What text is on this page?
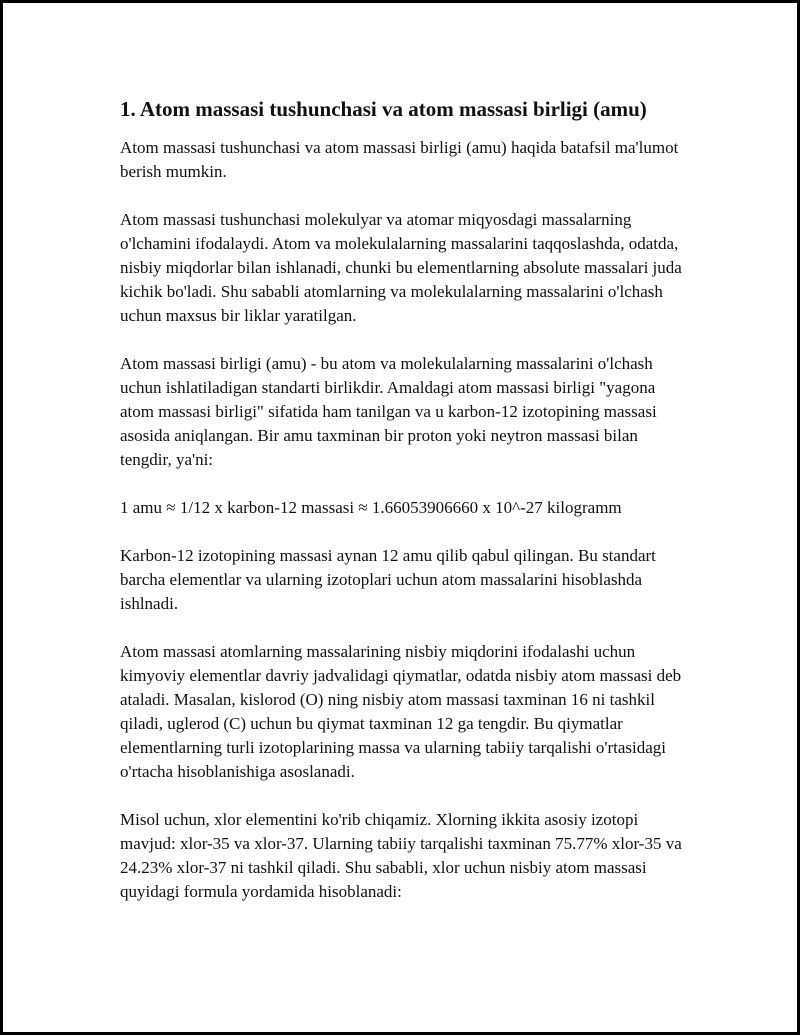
1. Atom massasi tushunchasi va atom massasi birligi (amu)

Atom massasi tushunchasi va atom massasi birligi (amu) haqida batafsil ma'lumot berish mumkin.

Atom massasi tushunchasi molekulyar va atomar miqyosdagi massalarning o'lchamini ifodalaydi. Atom va molekulalarning massalarini taqqoslashda, odatda, nisbiy miqdorlar bilan ishlanadi, chunki bu elementlarning absolute massalari juda kichik bo'ladi. Shu sababli atomlarning va molekulalarning massalarini o'lchash uchun maxsus bir liklar yaratilgan.

Atom massasi birligi (amu) - bu atom va molekulalarning massalarini o'lchash uchun ishlatiladigan standarti birlikdir. Amaldagi atom massasi birligi "yagona atom massasi birligi" sifatida ham tanilgan va u karbon-12 izotopining massasi asosida aniqlangan. Bir amu taxminan bir proton yoki neytron massasi bilan tengdir, ya'ni:

1 amu ≈ 1/12 x karbon-12 massasi ≈ 1.66053906660 x 10^-27 kilogramm

Karbon-12 izotopining massasi aynan 12 amu qilib qabul qilingan. Bu standart barcha elementlar va ularning izotoplari uchun atom massalarini hisoblashda ishlnadi.

Atom massasi atomlarning massalarining nisbiy miqdorini ifodalashi uchun kimyoviy elementlar davriy jadvalidagi qiymatlar, odatda nisbiy atom massasi deb ataladi. Masalan, kislorod (O) ning nisbiy atom massasi taxminan 16 ni tashkil qiladi, uglerod (C) uchun bu qiymat taxminan 12 ga tengdir. Bu qiymatlar elementlarning turli izotoplarining massa va ularning tabiiy tarqalishi o'rtasidagi o'rtacha hisoblanishiga asoslanadi.

Misol uchun, xlor elementini ko'rib chiqamiz. Xlorning ikkita asosiy izotopi mavjud: xlor-35 va xlor-37. Ularning tabiiy tarqalishi taxminan 75.77% xlor-35 va 24.23% xlor-37 ni tashkil qiladi. Shu sababli, xlor uchun nisbiy atom massasi quyidagi formula yordamida hisoblanadi:
